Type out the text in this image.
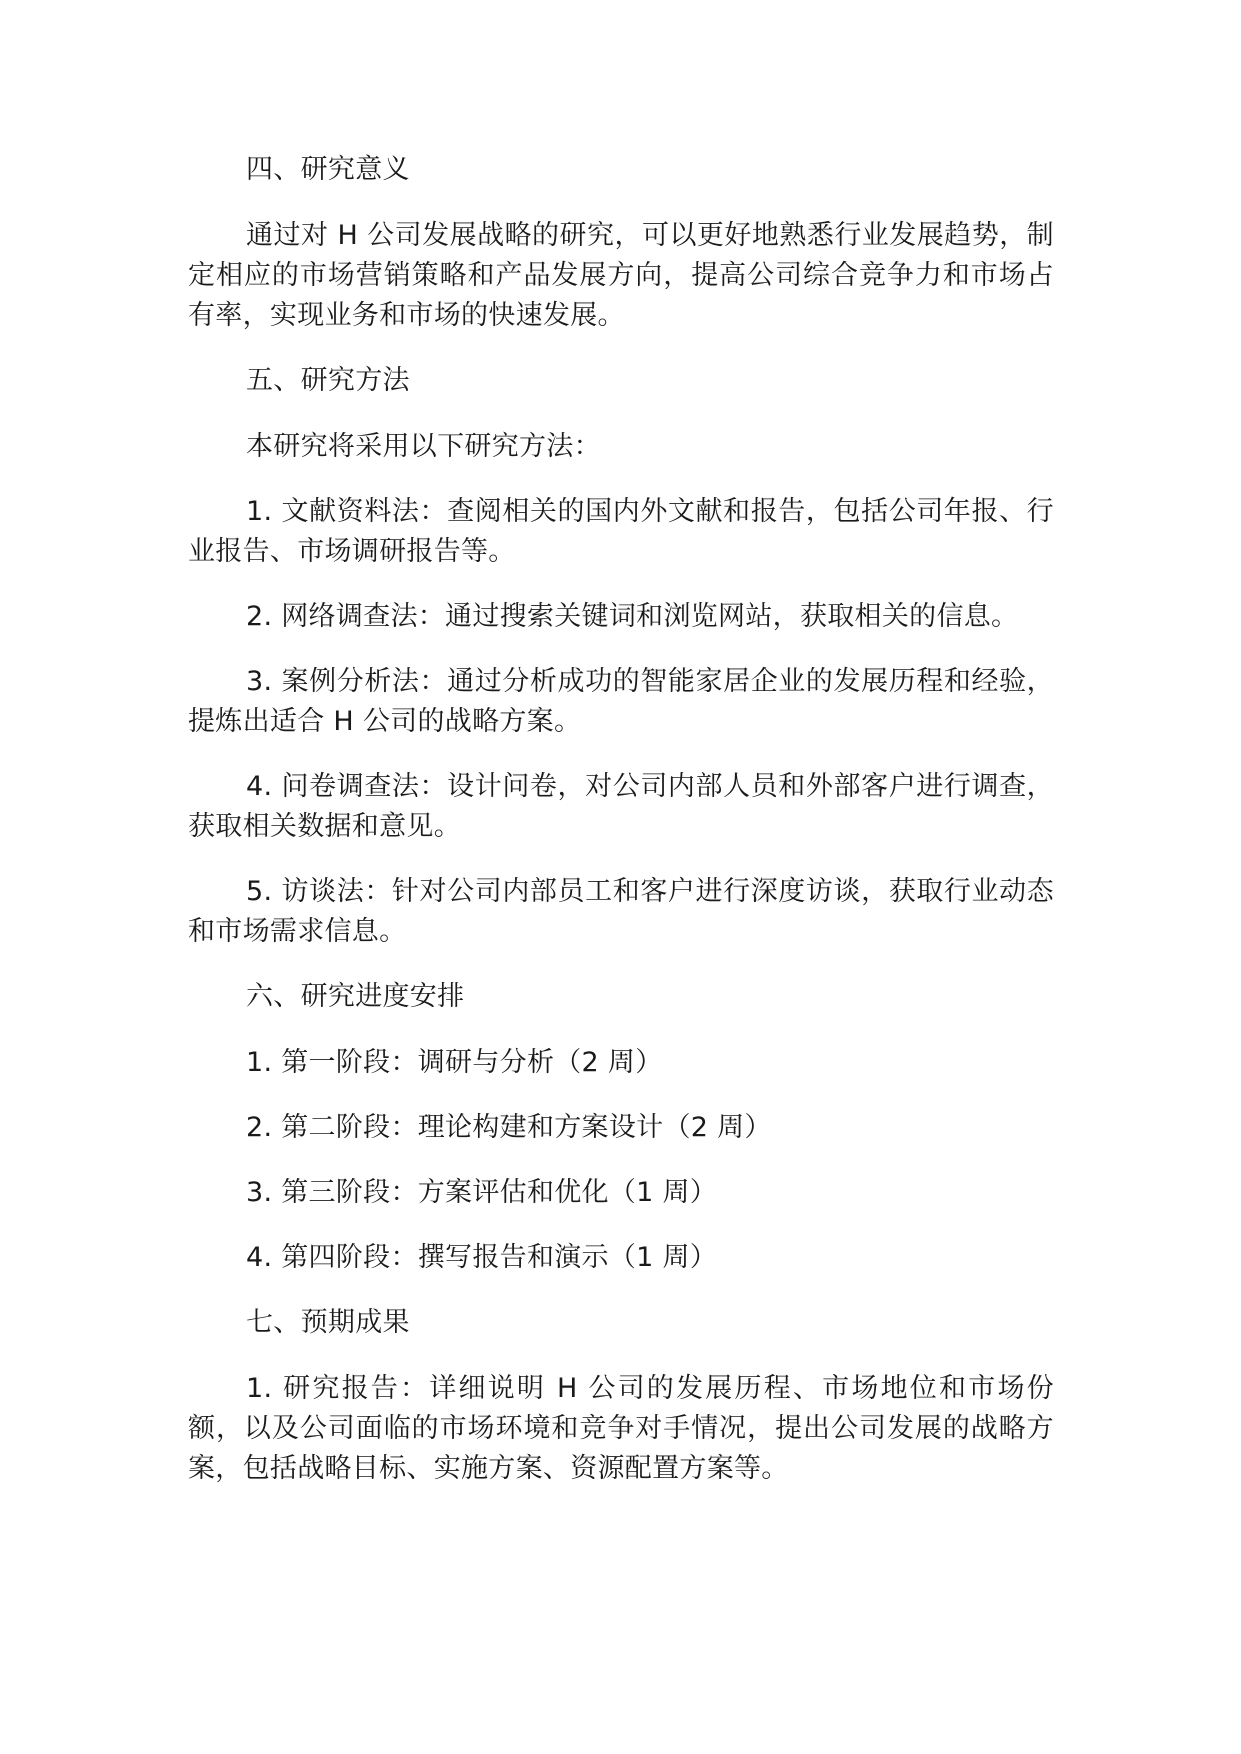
四、研究意义

通过对 H 公司发展战略的研究，可以更好地熟悉行业发展趋势，制定相应的市场营销策略和产品发展方向，提高公司综合竞争力和市场占有率，实现业务和市场的快速发展。

五、研究方法

本研究将采用以下研究方法：

1. 文献资料法：查阅相关的国内外文献和报告，包括公司年报、行业报告、市场调研报告等。

2. 网络调查法：通过搜索关键词和浏览网站，获取相关的信息。

3. 案例分析法：通过分析成功的智能家居企业的发展历程和经验，提炼出适合 H 公司的战略方案。

4. 问卷调查法：设计问卷，对公司内部人员和外部客户进行调查，获取相关数据和意见。

5. 访谈法：针对公司内部员工和客户进行深度访谈，获取行业动态和市场需求信息。

六、研究进度安排

1. 第一阶段：调研与分析（2 周）

2. 第二阶段：理论构建和方案设计（2 周）

3. 第三阶段：方案评估和优化（1 周）

4. 第四阶段：撰写报告和演示（1 周）

七、预期成果

1. 研究报告：详细说明 H 公司的发展历程、市场地位和市场份额，以及公司面临的市场环境和竞争对手情况，提出公司发展的战略方案，包括战略目标、实施方案、资源配置方案等。
